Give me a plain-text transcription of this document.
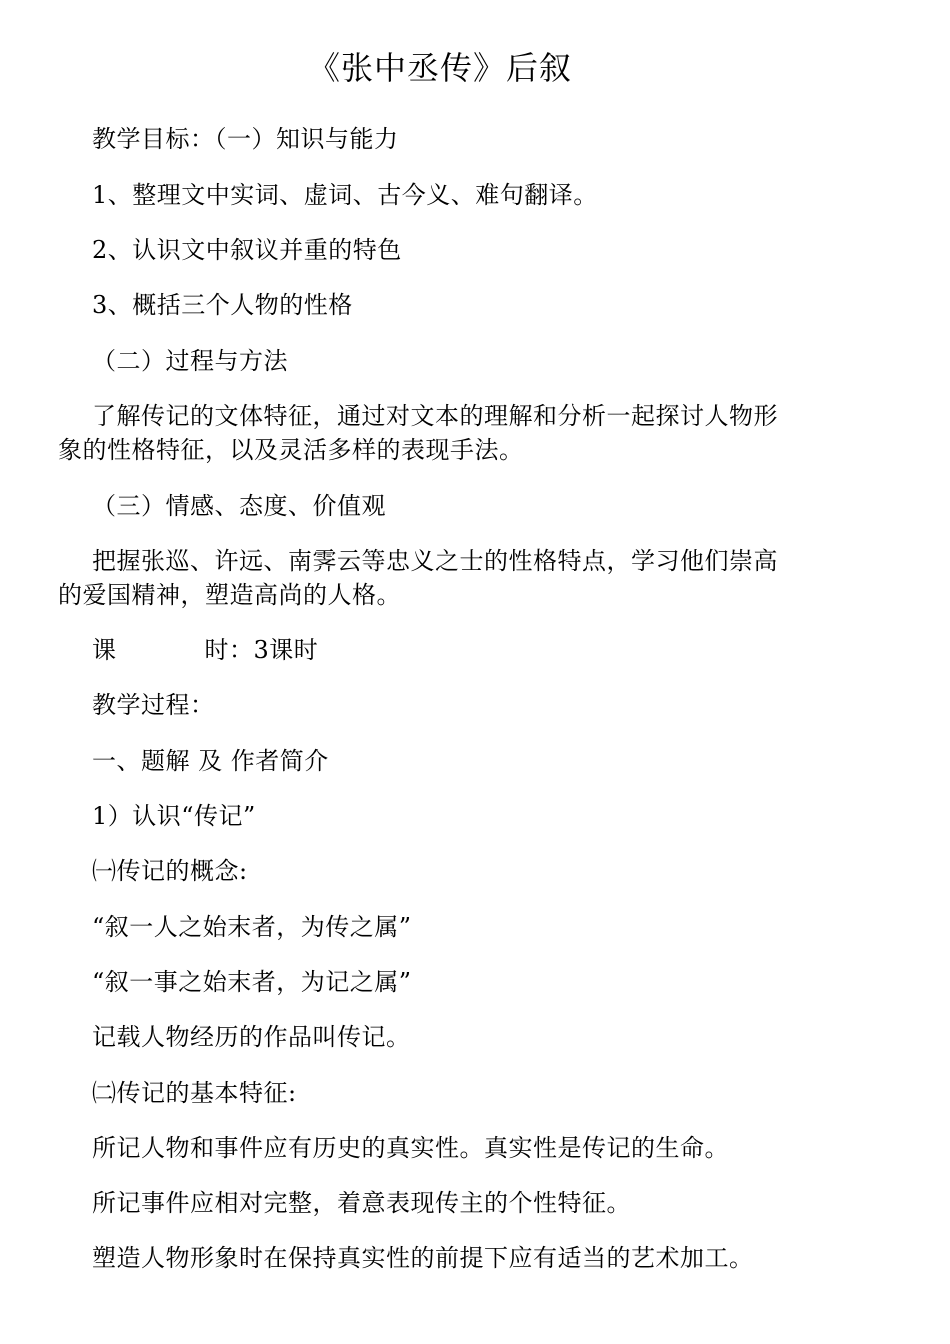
《张中丞传》后叙
教学目标：（一）知识与能力
1、整理文中实词、虚词、古今义、难句翻译。
2、认识文中叙议并重的特色
3、概括三个人物的性格
（二）过程与方法
了解传记的文体特征，通过对文本的理解和分析一起探讨人物形象的性格特征，以及灵活多样的表现手法。
（三）情感、态度、价值观
把握张巡、许远、南霁云等忠义之士的性格特点，学习他们崇高的爱国精神，塑造高尚的人格。
课	时：3课时
教学过程：
一、题解 及 作者简介
1）认识“传记”
㈠传记的概念:
“叙一人之始末者，为传之属”
“叙一事之始末者，为记之属”
记载人物经历的作品叫传记。
㈡传记的基本特征:
所记人物和事件应有历史的真实性。真实性是传记的生命。
所记事件应相对完整，着意表现传主的个性特征。
塑造人物形象时在保持真实性的前提下应有适当的艺术加工。
